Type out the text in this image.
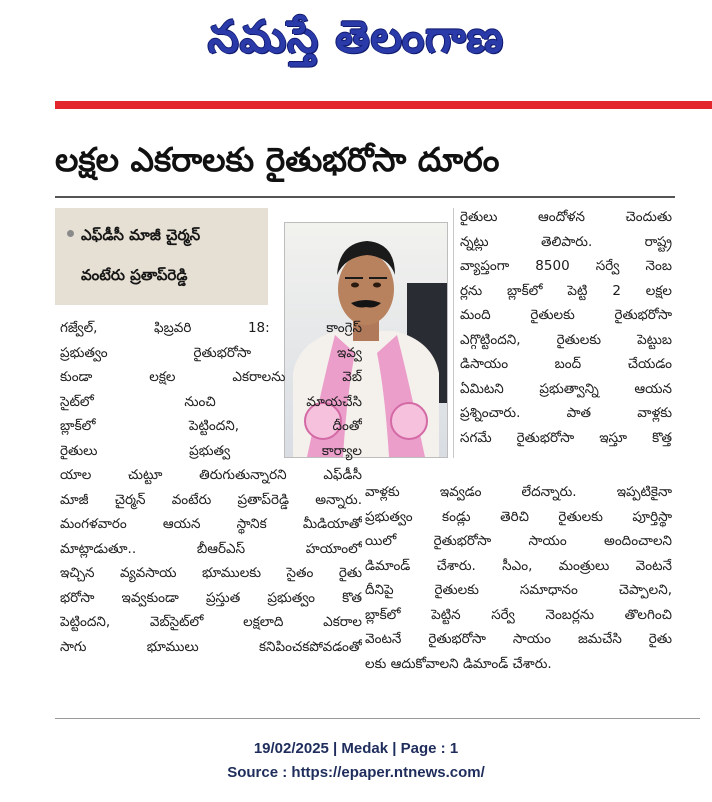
నమస్తే తెలంగాణ
లక్షల ఎకరాలకు రైతుభరోసా దూరం
ఎఫ్‌డీసీ మాజీ చైర్మన్
వంటేరు ప్రతాప్‌రెడ్డి
గజ్వేల్, ఫిబ్రవరి 18: కాంగ్రెస్
ప్రభుత్వం రైతుభరోసా ఇవ్వ
కుండా లక్షల ఎకరాలను వెబ్
సైట్‌లో నుంచి మాయచేసి
బ్లాక్‌లో పెట్టిందని, దీంతో
రైతులు ప్రభుత్వ కార్యాల
యాల చుట్టూ తిరుగుతున్నారని ఎఫ్‌డీసీ
మాజీ చైర్మన్ వంటేరు ప్రతాప్‌రెడ్డి అన్నారు.
మంగళవారం ఆయన స్థానిక మీడియాతో
మాట్లాడుతూ.. బీఆర్‌ఎస్ హయాంలో
ఇచ్చిన వ్యవసాయ భూములకు సైతం రైతు
భరోసా ఇవ్వకుండా ప్రస్తుత ప్రభుత్వం కొత
పెట్టిందని, వెబ్‌సైట్‌లో లక్షలాది ఎకరాల
సాగు భూములు కనిపించకపోవడంతో
రైతులు ఆందోళన చెందుతు
న్నట్లు తెలిపారు. రాష్ట్ర
వ్యాప్తంగా 8500 సర్వే నెంబ
ర్లను బ్లాక్‌లో పెట్టి 2 లక్షల
మంది రైతులకు రైతుభరోసా
ఎగ్గొట్టిందని, రైతులకు పెట్టుబ
డిసాయం బంద్ చేయడం
ఏమిటని ప్రభుత్వాన్ని ఆయన
ప్రశ్నించారు. పాత వాళ్లకు
సగమే రైతుభరోసా ఇస్తూ కొత్త
వాళ్లకు ఇవ్వడం లేదన్నారు. ఇప్పటికైనా
ప్రభుత్వం కండ్లు తెరిచి రైతులకు పూర్తిస్థా
యిలో రైతుభరోసా సాయం అందించాలని
డిమాండ్ చేశారు. సీఎం, మంత్రులు వెంటనే
దీనిపై రైతులకు సమాధానం చెప్పాలని,
బ్లాక్‌లో పెట్టిన సర్వే నెంబర్లను తొలగించి
వెంటనే రైతుభరోసా సాయం జమచేసి రైతు
లకు ఆదుకోవాలని డిమాండ్ చేశారు.
19/02/2025 | Medak | Page : 1
Source : https://epaper.ntnews.com/
